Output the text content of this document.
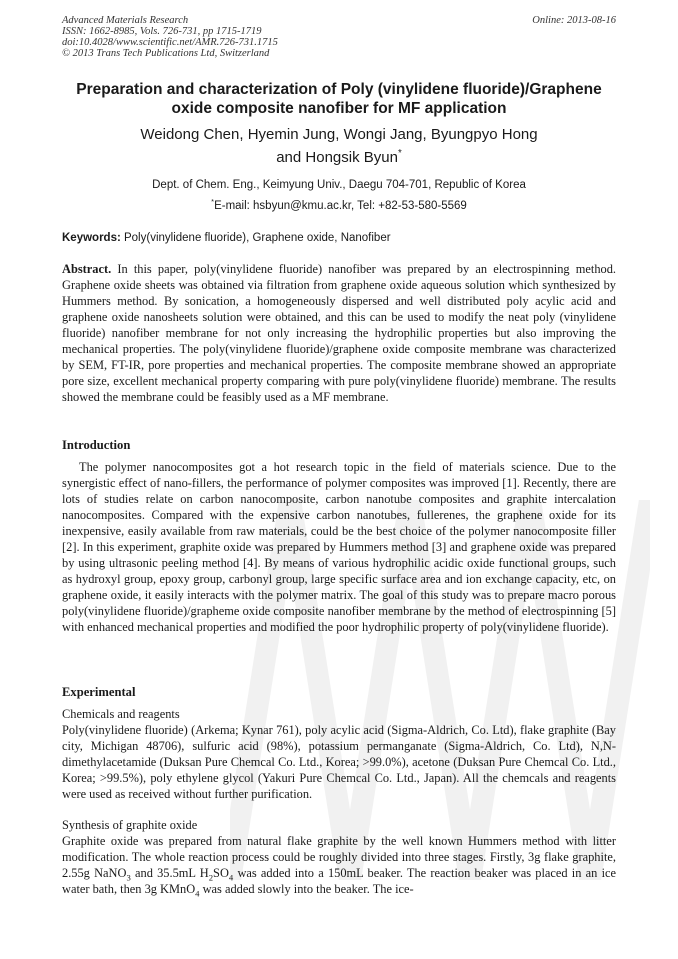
Advanced Materials Research
ISSN: 1662-8985, Vols. 726-731, pp 1715-1719
doi:10.4028/www.scientific.net/AMR.726-731.1715
© 2013 Trans Tech Publications Ltd, Switzerland
Online: 2013-08-16
Preparation and characterization of Poly (vinylidene fluoride)/Graphene
oxide composite nanofiber for MF application
Weidong Chen, Hyemin Jung, Wongi Jang, Byungpyo Hong
and Hongsik Byun*
Dept. of Chem. Eng., Keimyung Univ., Daegu 704-701, Republic of Korea
*E-mail: hsbyun@kmu.ac.kr, Tel: +82-53-580-5569
Keywords: Poly(vinylidene fluoride), Graphene oxide, Nanofiber
Abstract. In this paper, poly(vinylidene fluoride) nanofiber was prepared by an electrospinning method. Graphene oxide sheets was obtained via filtration from graphene oxide aqueous solution which synthesized by Hummers method. By sonication, a homogeneously dispersed and well distributed poly acylic acid and graphene oxide nanosheets solution were obtained, and this can be used to modify the neat poly (vinylidene fluoride) nanofiber membrane for not only increasing the hydrophilic properties but also improving the mechanical properties. The poly(vinylidene fluoride)/graphene oxide composite membrane was characterized by SEM, FT-IR, pore properties and mechanical properties. The composite membrane showed an appropriate pore size, excellent mechanical property comparing with pure poly(vinylidene fluoride) membrane. The results showed the membrane could be feasibly used as a MF membrane.
Introduction
The polymer nanocomposites got a hot research topic in the field of materials science. Due to the synergistic effect of nano-fillers, the performance of polymer composites was improved [1]. Recently, there are lots of studies relate on carbon nanocomposite, carbon nanotube composites and graphite intercalation nanocomposites. Compared with the expensive carbon nanotubes, fullerenes, the graphene oxide for its inexpensive, easily available from raw materials, could be the best choice of the polymer nanocomposite filler [2]. In this experiment, graphite oxide was prepared by Hummers method [3] and graphene oxide was prepared by using ultrasonic peeling method [4]. By means of various hydrophilic acidic oxide functional groups, such as hydroxyl group, epoxy group, carbonyl group, large specific surface area and ion exchange capacity, etc, on graphene oxide, it easily interacts with the polymer matrix. The goal of this study was to prepare macro porous poly(vinylidene fluoride)/grapheme oxide composite nanofiber membrane by the method of electrospinning [5] with enhanced mechanical properties and modified the poor hydrophilic property of poly(vinylidene fluoride).
Experimental
Chemicals and reagents
Poly(vinylidene fluoride) (Arkema; Kynar 761), poly acylic acid (Sigma-Aldrich, Co. Ltd), flake graphite (Bay city, Michigan 48706), sulfuric acid (98%), potassium permanganate (Sigma-Aldrich, Co. Ltd), N,N-dimethylacetamide (Duksan Pure Chemcal Co. Ltd., Korea; >99.0%), acetone (Duksan Pure Chemcal Co. Ltd., Korea; >99.5%), poly ethylene glycol (Yakuri Pure Chemcal Co. Ltd., Japan). All the chemcals and reagents were used as received without further purification.
Synthesis of graphite oxide
Graphite oxide was prepared from natural flake graphite by the well known Hummers method with litter modification. The whole reaction process could be roughly divided into three stages. Firstly, 3g flake graphite, 2.55g NaNO$_3$ and 35.5mL $H_2SO_4$ was added into a 150mL beaker. The reaction beaker was placed in an ice water bath, then 3g KMnO$_4$ was added slowly into the beaker. The ice-
